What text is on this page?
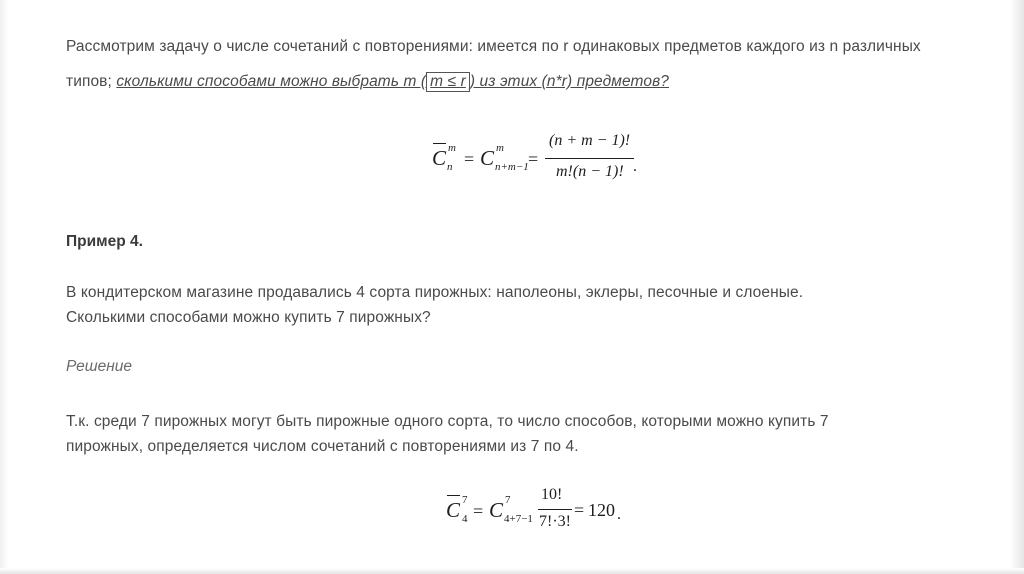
Рассмотрим задачу о числе сочетаний с повторениями: имеется по r одинаковых предметов каждого из n различных типов; сколькими способами можно выбрать m ( m ≤ r ) из этих (n*r) предметов?

C m
n = C m
n+m−1 =
(n + m − 1)!
m!(n − 1)! .

Пример 4.

В кондитерском магазине продавались 4 сорта пирожных: наполеоны, эклеры, песочные и слоеные.
Сколькими способами можно купить 7 пирожных?

Решение

Т.к. среди 7 пирожных могут быть пирожные одного сорта, то число способов, которыми можно купить 7
пирожных, определяется числом сочетаний с повторениями из 7 по 4.

C 7
4 = C 7
4+7−1
10!
7!·3!
= 120 .
